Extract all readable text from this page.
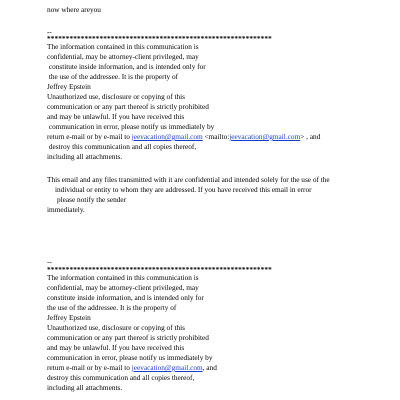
now where areyou
--
************************************************************
The information contained in this communication is
confidential, may be attorney-client privileged, may
constitute inside information, and is intended only for
the use of the addressee. It is the property of
Jeffrey Epstein
Unauthorized use, disclosure or copying of this
communication or any part thereof is strictly prohibited
and may be unlawful. If you have received this
communication in error, please notify us immediately by
return e-mail or by e-mail to jeevacation@gmail.com <mailto:jeevacation@gmail.com> , and
destroy this communication and all copies thereof,
including all attachments.
This email and any files transmitted with it are confidential and intended solely for the use of the
individual or entity to whom they are addressed. If you have received this email in error
please notify the sender
immediately.
--
************************************************************
The information contained in this communication is
confidential, may be attorney-client privileged, may
constitute inside information, and is intended only for
the use of the addressee. It is the property of
Jeffrey Epstein
Unauthorized use, disclosure or copying of this
communication or any part thereof is strictly prohibited
and may be unlawful. If you have received this
communication in error, please notify us immediately by
return e-mail or by e-mail to jeevacation@gmail.com, and
destroy this communication and all copies thereof,
including all attachments.
